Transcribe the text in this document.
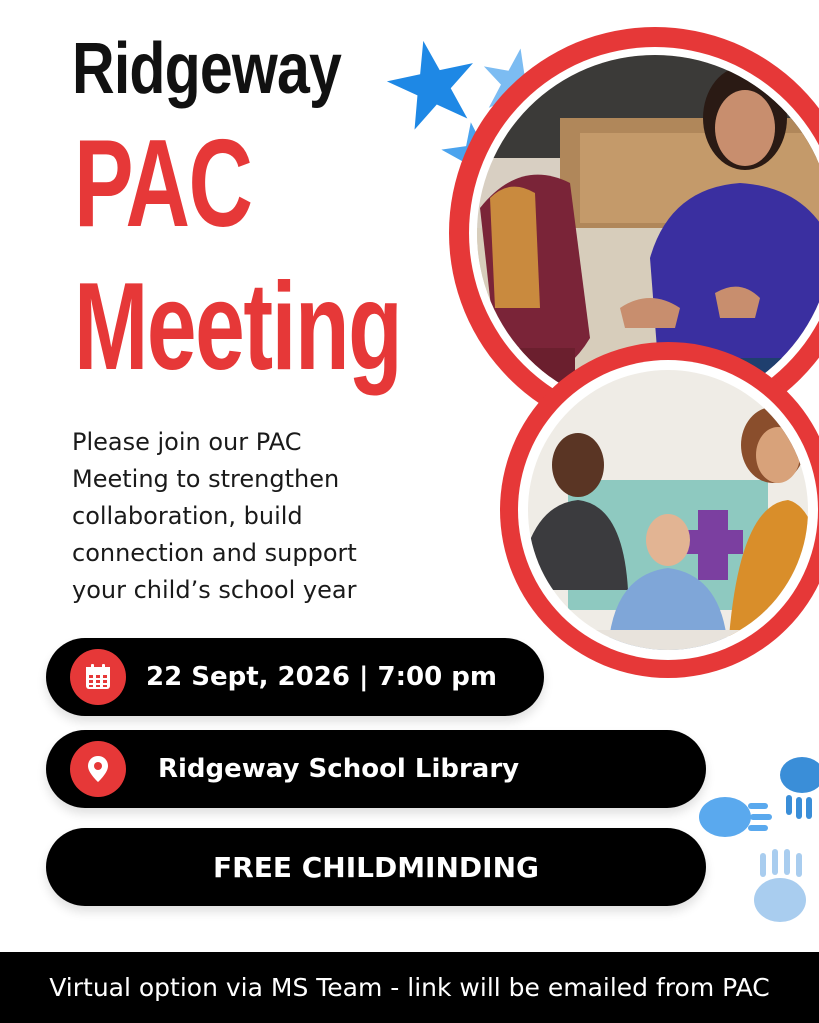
Ridgeway
PAC
Meeting
Please join our PAC
Meeting to strengthen
collaboration, build
connection and support
your child’s school year
22 Sept, 2026 | 7:00 pm
Ridgeway School Library
FREE CHILDMINDING
Virtual option via MS Team - link will be emailed from PAC
